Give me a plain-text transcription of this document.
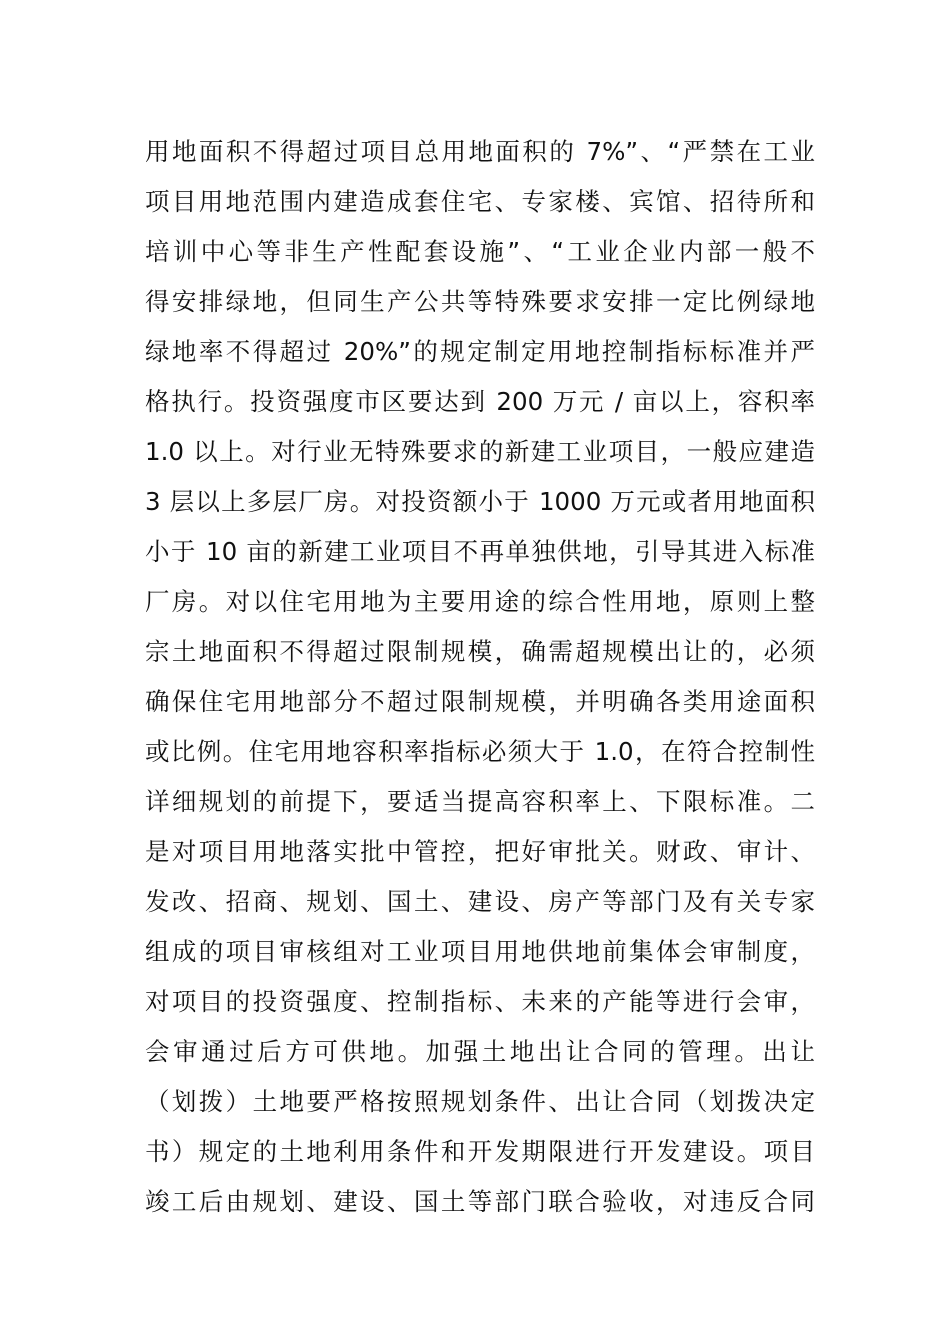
用地面积不得超过项目总用地面积的 7%”、“严禁在工业
项目用地范围内建造成套住宅、专家楼、宾馆、招待所和
培训中心等非生产性配套设施”、“工业企业内部一般不
得安排绿地，但同生产公共等特殊要求安排一定比例绿地
绿地率不得超过 20%”的规定制定用地控制指标标准并严
格执行。投资强度市区要达到 200 万元 / 亩以上，容积率
1.0 以上。对行业无特殊要求的新建工业项目，一般应建造
3 层以上多层厂房。对投资额小于 1000 万元或者用地面积
小于 10 亩的新建工业项目不再单独供地，引导其进入标准
厂房。对以住宅用地为主要用途的综合性用地，原则上整
宗土地面积不得超过限制规模，确需超规模出让的，必须
确保住宅用地部分不超过限制规模，并明确各类用途面积
或比例。住宅用地容积率指标必须大于 1.0，在符合控制性
详细规划的前提下，要适当提高容积率上、下限标准。二
是对项目用地落实批中管控，把好审批关。财政、审计、
发改、招商、规划、国土、建设、房产等部门及有关专家
组成的项目审核组对工业项目用地供地前集体会审制度，
对项目的投资强度、控制指标、未来的产能等进行会审，
会审通过后方可供地。加强土地出让合同的管理。出让
（划拨）土地要严格按照规划条件、出让合同（划拨决定
书）规定的土地利用条件和开发期限进行开发建设。项目
竣工后由规划、建设、国土等部门联合验收，对违反合同
